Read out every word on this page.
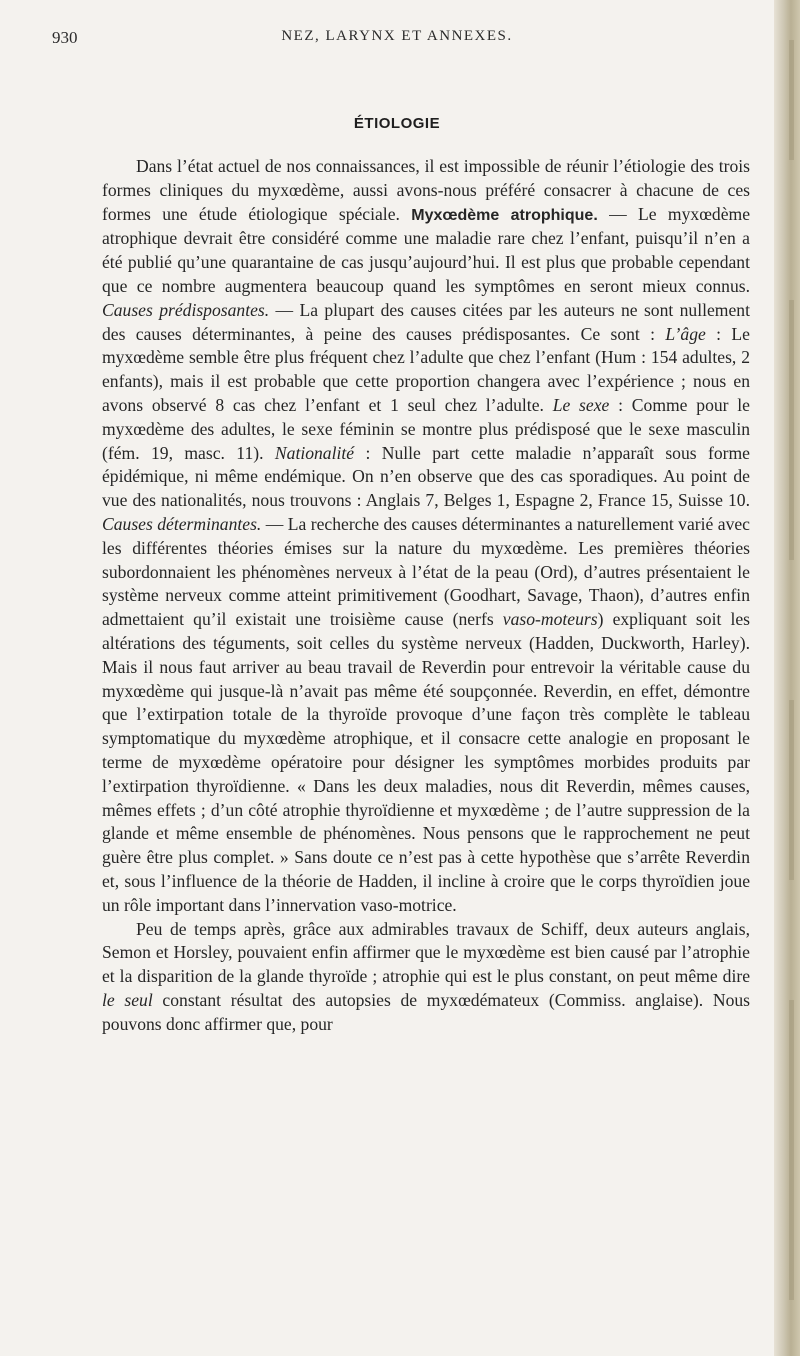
930	NEZ, LARYNX ET ANNEXES.
ÉTIOLOGIE

Dans l’état actuel de nos connaissances, il est impossible de réunir l’étiologie des trois formes cliniques du myxœdème, aussi avons-nous préféré consacrer à chacune de ces formes une étude étiologique spéciale. Myxœdème atrophique. — Le myxœdème atrophique devrait être considéré comme une maladie rare chez l’enfant, puisqu’il n’en a été publié qu’une quarantaine de cas jusqu’aujourd’hui. Il est plus que probable cependant que ce nombre augmentera beaucoup quand les symptômes en seront mieux connus. Causes prédisposantes. — La plupart des causes citées par les auteurs ne sont nullement des causes déterminantes, à peine des causes prédisposantes. Ce sont : L’âge : Le myxœdème semble être plus fréquent chez l’adulte que chez l’enfant (Hum : 154 adultes, 2 enfants), mais il est probable que cette proportion changera avec l’expérience ; nous en avons observé 8 cas chez l’enfant et 1 seul chez l’adulte. Le sexe : Comme pour le myxœdème des adultes, le sexe féminin se montre plus prédisposé que le sexe masculin (fém. 19, masc. 11). Nationalité : Nulle part cette maladie n’apparaît sous forme épidémique, ni même endémique. On n’en observe que des cas sporadiques. Au point de vue des nationalités, nous trouvons : Anglais 7, Belges 1, Espagne 2, France 15, Suisse 10. Causes déterminantes. — La recherche des causes déterminantes a naturellement varié avec les différentes théories émises sur la nature du myxœdème. Les premières théories subordonnaient les phénomènes nerveux à l’état de la peau (Ord), d’autres présentaient le système nerveux comme atteint primitivement (Goodhart, Savage, Thaon), d’autres enfin admettaient qu’il existait une troisième cause (nerfs vaso-moteurs) expliquant soit les altérations des téguments, soit celles du système nerveux (Hadden, Duckworth, Harley). Mais il nous faut arriver au beau travail de Reverdin pour entrevoir la véritable cause du myxœdème qui jusque-là n’avait pas même été soupçonnée. Reverdin, en effet, démontre que l’extirpation totale de la thyroïde provoque d’une façon très complète le tableau symptomatique du myxœdème atrophique, et il consacre cette analogie en proposant le terme de myxœdème opératoire pour désigner les symptômes morbides produits par l’extirpation thyroïdienne. « Dans les deux maladies, nous dit Reverdin, mêmes causes, mêmes effets ; d’un côté atrophie thyroïdienne et myxœdème ; de l’autre suppression de la glande et même ensemble de phénomènes. Nous pensons que le rapprochement ne peut guère être plus complet. » Sans doute ce n’est pas à cette hypothèse que s’arrête Reverdin et, sous l’influence de la théorie de Hadden, il incline à croire que le corps thyroïdien joue un rôle important dans l’innervation vaso-motrice.

Peu de temps après, grâce aux admirables travaux de Schiff, deux auteurs anglais, Semon et Horsley, pouvaient enfin affirmer que le myxœdème est bien causé par l’atrophie et la disparition de la glande thyroïde ; atrophie qui est le plus constant, on peut même dire le seul constant résultat des autopsies de myxœdémateux (Commiss. anglaise). Nous pouvons donc affirmer que, pour
